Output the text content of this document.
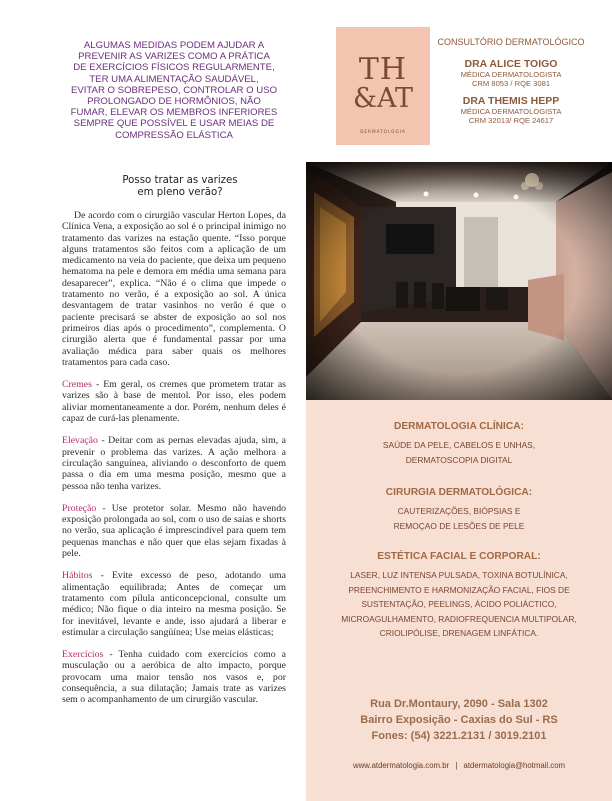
ALGUMAS MEDIDAS PODEM AJUDAR A
PREVENIR AS VARIZES COMO A PRÁTICA
DE EXERCÍCIOS FÍSICOS REGULARMENTE,
TER UMA ALIMENTAÇÃO SAUDÁVEL,
EVITAR O SOBREPESO, CONTROLAR O USO
PROLONGADO DE HORMÔNIOS, NÃO
FUMAR, ELEVAR OS MEMBROS INFERIORES
SEMPRE QUE POSSÍVEL E USAR MEIAS DE
COMPRESSÃO ELÁSTICA
Posso tratar as varizes
em pleno verão?

De acordo com o cirurgião vascular Herton Lopes, da Clínica Vena, a exposição ao sol é o principal inimigo no tratamento das varizes na estação quente. “Isso porque alguns tratamentos são feitos com a aplicação de um medicamento na veia do paciente, que deixa um pequeno hematoma na pele e demora em média uma semana para desaparecer”, explica. “Não é o clima que impede o tratamento no verão, é a exposição ao sol. A única desvantagem de tratar vasinhos no verão é que o paciente precisará se abster de exposição ao sol nos primeiros dias após o procedimento”, complementa. O cirurgião alerta que é fundamental passar por uma avaliação médica para saber quais os melhores tratamentos para cada caso.

Cremes - Em geral, os cremes que prometem tratar as varizes são à base de mentol. Por isso, eles podem aliviar momentaneamente a dor. Porém, nenhum deles é capaz de curá-las plenamente.

Elevação - Deitar com as pernas elevadas ajuda, sim, a prevenir o problema das varizes. A ação melhora a circulação sanguínea, aliviando o desconforto de quem passa o dia em uma mesma posição, mesmo que a pessoa não tenha varizes.

Proteção - Use protetor solar. Mesmo não havendo exposição prolongada ao sol, com o uso de saias e shorts no verão, sua aplicação é imprescindível para quem tem pequenas manchas e não quer que elas sejam fixadas à pele.

Hábitos - Evite excesso de peso, adotando uma alimentação equilibrada; Antes de começar um tratamento com pílula anticoncepcional, consulte um médico; Não fique o dia inteiro na mesma posição. Se for inevitável, levante e ande, isso ajudará a liberar e estimular a circulação sangüínea; Use meias elásticas;

Exercícios - Tenha cuidado com exercícios como a musculação ou a aeróbica de alto impacto, porque provocam uma maior tensão nos vasos e, por consequência, a sua dilatação; Jamais trate as varizes sem o acompanhamento de um cirurgião vascular.

TH
&AT
DERMATOLOGIA
CONSULTÓRIO DERMATOLÓGICO
DRA ALICE TOIGO
MÉDICA DERMATOLOGISTA
CRM 8053 / RQE 3081
DRA THEMIS HEPP
MÉDICA DERMATOLOGISTA
CRM 32013/ RQE 24617
DERMATOLOGIA CLÍNICA:
SAÚDE DA PELE, CABELOS E UNHAS,
DERMATOSCOPIA DIGITAL
CIRURGIA DERMATOLÓGICA:
CAUTERIZAÇÕES, BIÓPSIAS E
REMOÇAO DE LESÕES DE PELE
ESTÉTICA FACIAL E CORPORAL:
LASER, LUZ INTENSA PULSADA, TOXINA BOTULÍNICA,
PREENCHIMENTO E HARMONIZAÇÃO FACIAL, FIOS DE
SUSTENTAÇÃO, PEELINGS, ÁCIDO POLIÁCTICO,
MICROAGULHAMENTO, RADIOFREQUENCIA MULTIPOLAR,
CRIOLIPÓLISE, DRENAGEM LINFÁTICA.
Rua Dr.Montaury, 2090 - Sala 1302
Bairro Exposição - Caxias do Sul - RS
Fones: (54) 3221.2131 / 3019.2101
www.atdermatologia.com.br | atdermatologia@hotmail.com
